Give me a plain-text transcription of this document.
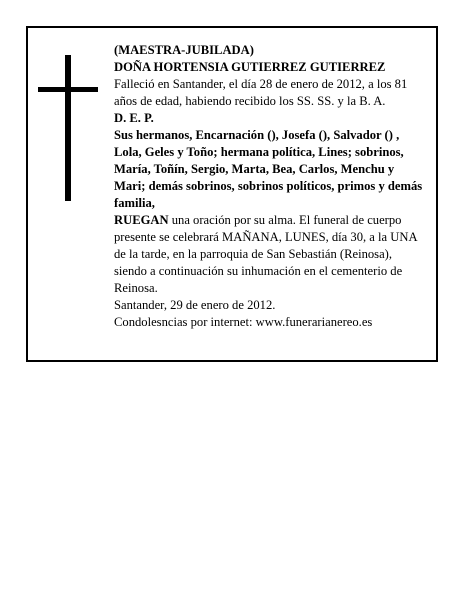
(MAESTRA-JUBILADA)

DOÑA HORTENSIA GUTIERREZ GUTIERREZ

Falleció en Santander, el día 28 de enero de 2012, a los 81 años de edad, habiendo recibido los SS. SS. y la B. A.

D. E. P.

Sus hermanos, Encarnación (), Josefa (), Salvador () , Lola, Geles y Toño; hermana política, Lines; sobrinos, María, Toñín, Sergio, Marta, Bea, Carlos, Menchu y Mari; demás sobrinos, sobrinos políticos, primos y demás familia,

RUEGAN una oración por su alma. El funeral de cuerpo presente se celebrará MAÑANA, LUNES, día 30, a la UNA de la tarde, en la parroquia de San Sebastián (Reinosa), siendo a continuación su inhumación en el cementerio de Reinosa.

Santander, 29 de enero de 2012.

Condolesncias por internet: www.funerarianereo.es
